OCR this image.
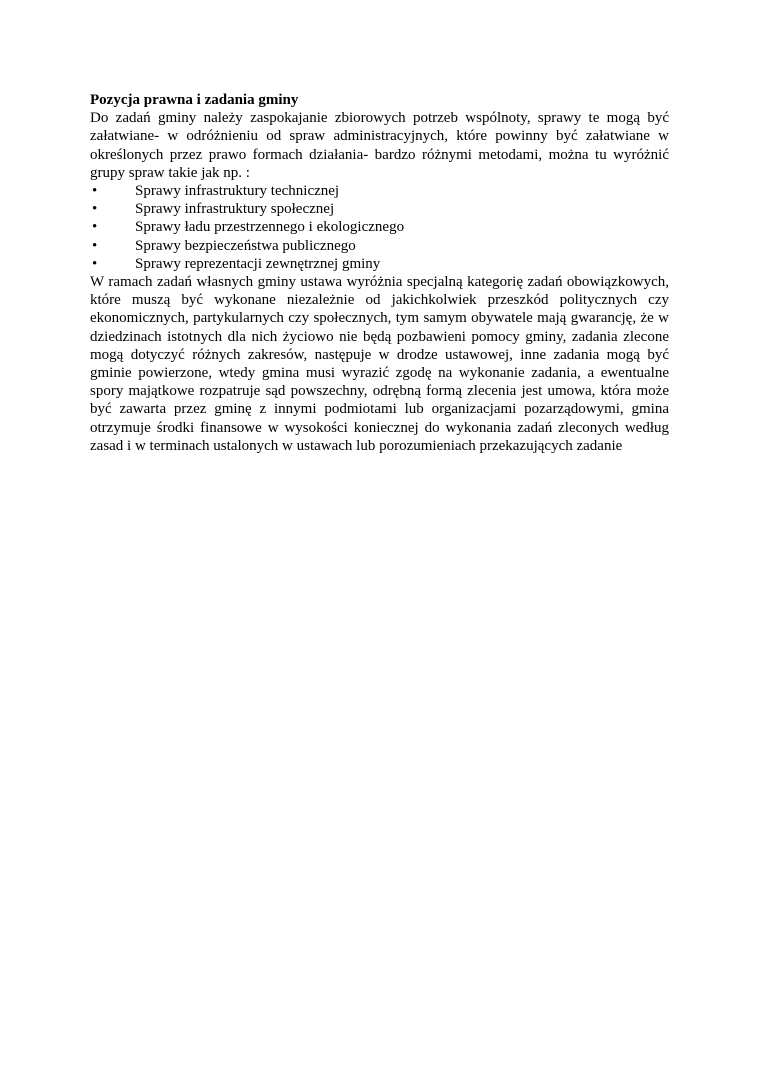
Pozycja prawna i zadania gminy

Do zadań gminy należy zaspokajanie zbiorowych potrzeb wspólnoty, sprawy te mogą być załatwiane- w odróżnieniu od spraw administracyjnych, które powinny być załatwiane w określonych przez prawo formach działania- bardzo różnymi metodami, można tu wyróżnić grupy spraw takie jak np. :

•	Sprawy infrastruktury technicznej
•	Sprawy infrastruktury społecznej
•	Sprawy ładu przestrzennego i ekologicznego
•	Sprawy bezpieczeństwa publicznego
•	Sprawy reprezentacji zewnętrznej gminy

W ramach zadań własnych gminy ustawa wyróżnia specjalną kategorię zadań obowiązkowych, które muszą być wykonane niezależnie od jakichkolwiek przeszkód politycznych czy ekonomicznych, partykularnych czy społecznych, tym samym obywatele mają gwarancję, że w dziedzinach istotnych dla nich życiowo nie będą pozbawieni pomocy gminy, zadania zlecone mogą dotyczyć różnych zakresów, następuje w drodze ustawowej, inne zadania mogą być gminie powierzone, wtedy gmina musi wyrazić zgodę na wykonanie zadania, a ewentualne spory majątkowe rozpatruje sąd powszechny, odrębną formą zlecenia jest umowa, która może być zawarta przez gminę z innymi podmiotami lub organizacjami pozarządowymi, gmina otrzymuje środki finansowe w wysokości koniecznej do wykonania zadań zleconych według zasad i w terminach ustalonych w ustawach lub porozumieniach przekazujących zadanie
